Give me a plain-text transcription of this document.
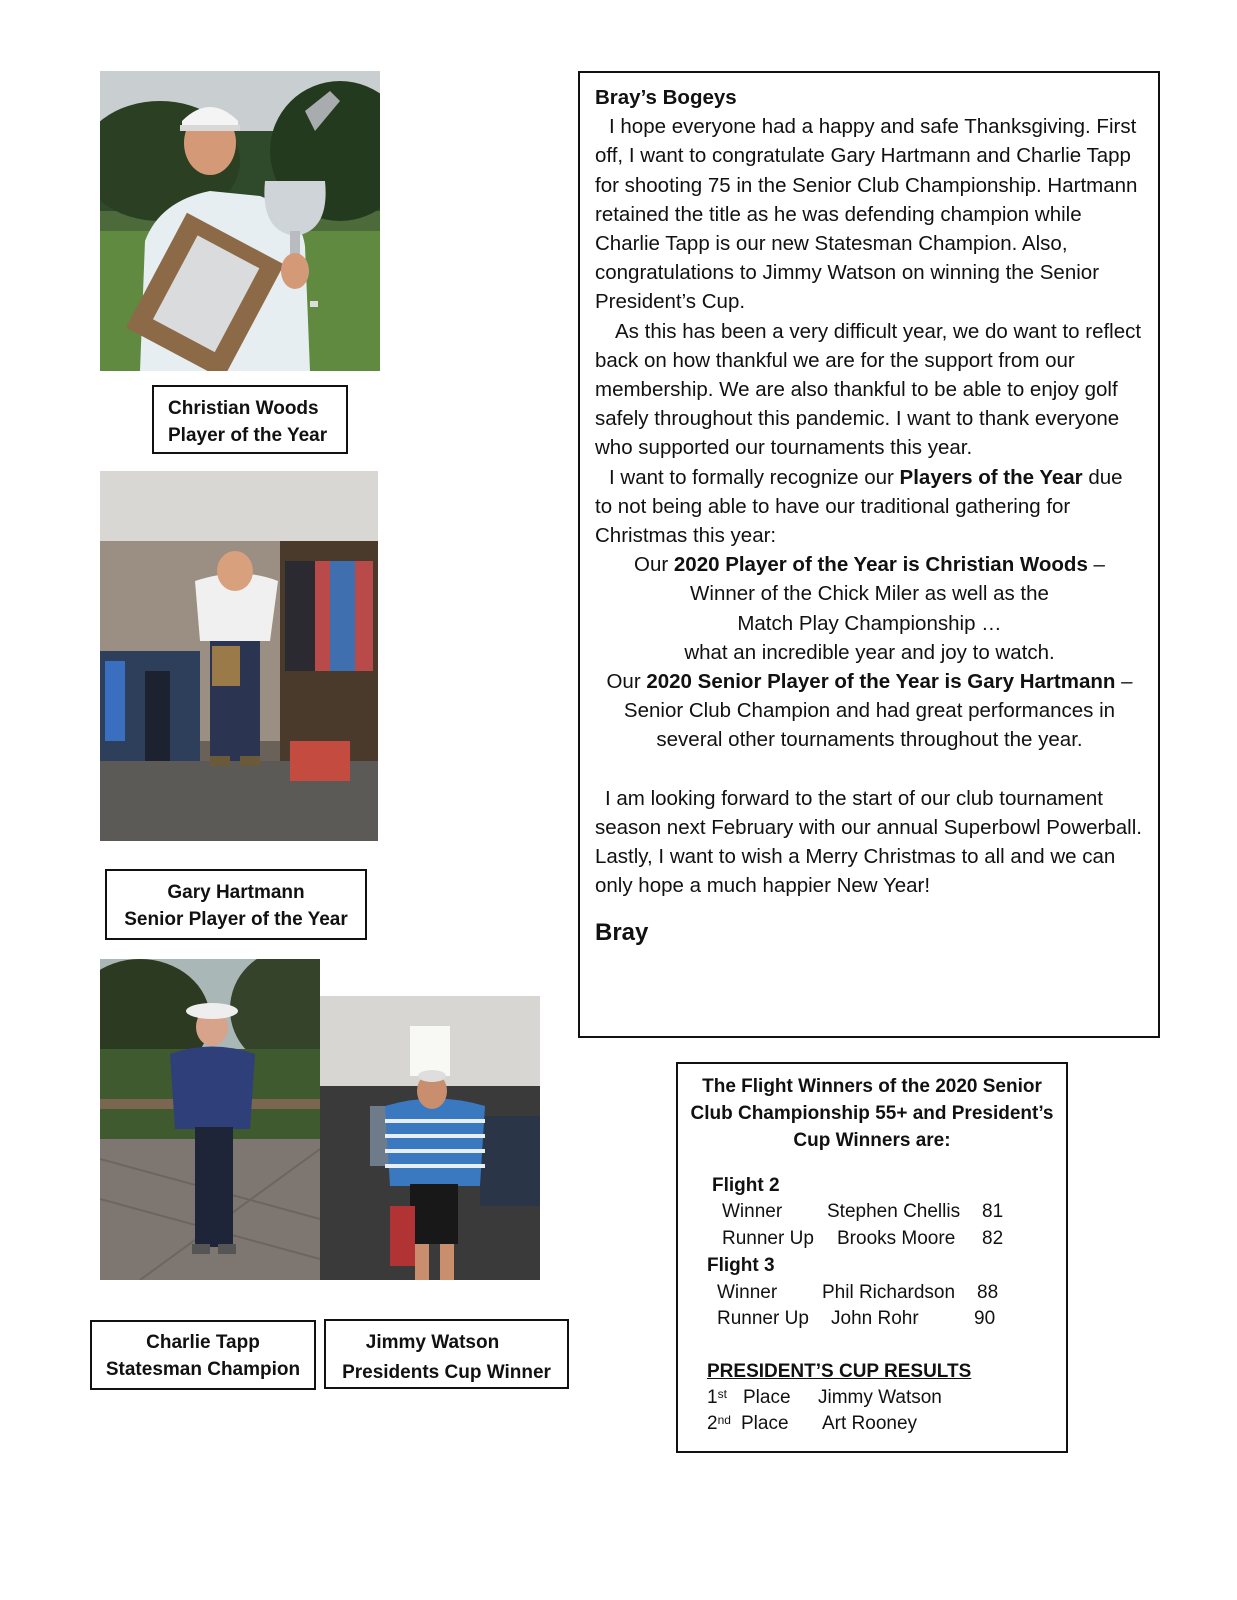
Christian Woods
Player of the Year
Gary Hartmann
Senior Player of the Year
Charlie Tapp
Statesman Champion
Jimmy Watson
Presidents Cup Winner

Bray’s Bogeys

I hope everyone had a happy and safe Thanksgiving. First off, I want to congratulate Gary Hartmann and Charlie Tapp for shooting 75 in the Senior Club Championship. Hartmann retained the title as he was defending champion while Charlie Tapp is our new Statesman Champion. Also, congratulations to Jimmy Watson on winning the Senior President’s Cup.

As this has been a very difficult year, we do want to reflect back on how thankful we are for the support from our membership. We are also thankful to be able to enjoy golf safely throughout this pandemic. I want to thank everyone who supported our tournaments this year.

I want to formally recognize our Players of the Year due to not being able to have our traditional gathering for Christmas this year:

Our 2020 Player of the Year is Christian Woods –

Winner of the Chick Miler as well as the

Match Play Championship …

what an incredible year and joy to watch.

Our 2020 Senior Player of the Year is Gary Hartmann –

Senior Club Champion and had great performances in

several other tournaments throughout the year.

I am looking forward to the start of our club tournament season next February with our annual Superbowl Powerball. Lastly, I want to wish a Merry Christmas to all and we can only hope a much happier New Year!

Bray

The Flight Winners of the 2020 Senior
Club Championship 55+ and President’s
Cup Winners are:
Flight 2
Winner Stephen Chellis 81
Runner Up Brooks Moore 82
Flight 3
Winner Phil Richardson 88
Runner Up John Rohr	90
PRESIDENT’S CUP RESULTS
1st Place Jimmy Watson
2nd Place Art Rooney
